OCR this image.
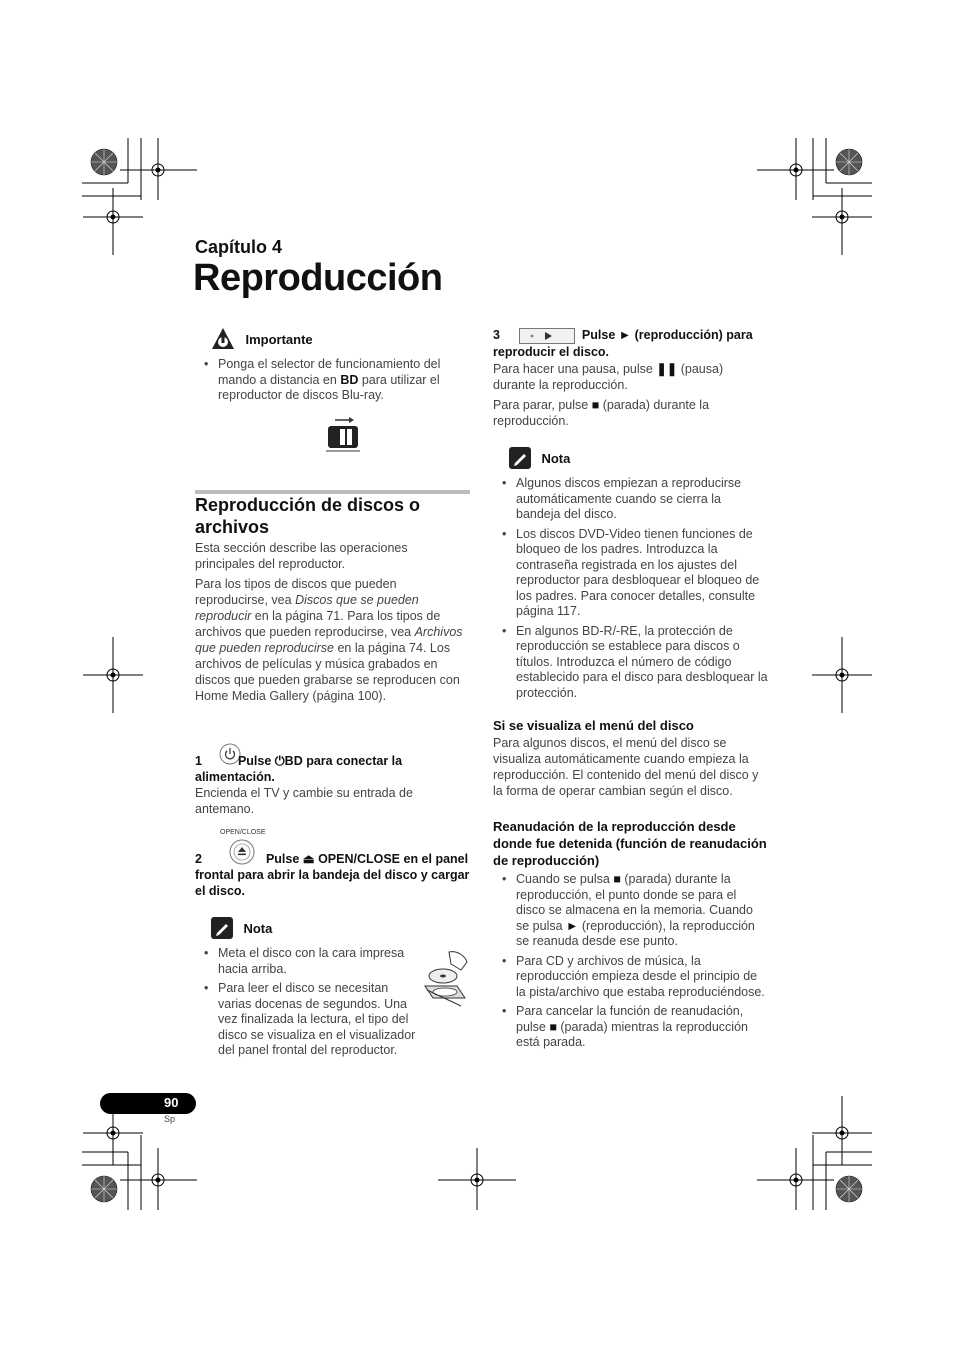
Capítulo 4
Reproducción
Importante
• Ponga el selector de funcionamiento del mando a distancia en BD para utilizar el reproductor de discos Blu-ray.
Reproducción de discos o archivos

Esta sección describe las operaciones principales del reproductor.

Para los tipos de discos que pueden reproducirse, vea Discos que se pueden reproducir en la página 71. Para los tipos de archivos que pueden reproducirse, vea Archivos que pueden reproducirse en la página 74. Los archivos de películas y música grabados en discos que pueden grabarse se reproducen con Home Media Gallery (página 100).

1	Pulse ⏻BD para conectar la alimentación.
Encienda el TV y cambie su entrada de antemano.
OPEN/CLOSE
2	Pulse ⏏ OPEN/CLOSE en el panel frontal para abrir la bandeja del disco y cargar el disco.
Nota
• Meta el disco con la cara impresa hacia arriba.
• Para leer el disco se necesitan varias docenas de segundos. Una vez finalizada la lectura, el tipo del disco se visualiza en el visualizador del panel frontal del reproductor.
3	Pulse ► (reproducción) para reproducir el disco.

Para hacer una pausa, pulse ❚❚ (pausa) durante la reproducción.

Para parar, pulse ■ (parada) durante la reproducción.

Nota
• Algunos discos empiezan a reproducirse automáticamente cuando se cierra la bandeja del disco.
• Los discos DVD-Video tienen funciones de bloqueo de los padres. Introduzca la contraseña registrada en los ajustes del reproductor para desbloquear el bloqueo de los padres. Para conocer detalles, consulte página 117.
• En algunos BD-R/-RE, la protección de reproducción se establece para discos o títulos. Introduzca el número de código establecido para el disco para desbloquear la protección.
Si se visualiza el menú del disco
Para algunos discos, el menú del disco se visualiza automáticamente cuando empieza la reproducción. El contenido del menú del disco y la forma de operar cambian según el disco.
Reanudación de la reproducción desde donde fue detenida (función de reanudación de reproducción)
• Cuando se pulsa ■ (parada) durante la reproducción, el punto donde se para el disco se almacena en la memoria. Cuando se pulsa ► (reproducción), la reproducción se reanuda desde ese punto.
• Para CD y archivos de música, la reproducción empieza desde el principio de la pista/archivo que estaba reproduciéndose.
• Para cancelar la función de reanudación, pulse ■ (parada) mientras la reproducción está parada.
90
Sp
